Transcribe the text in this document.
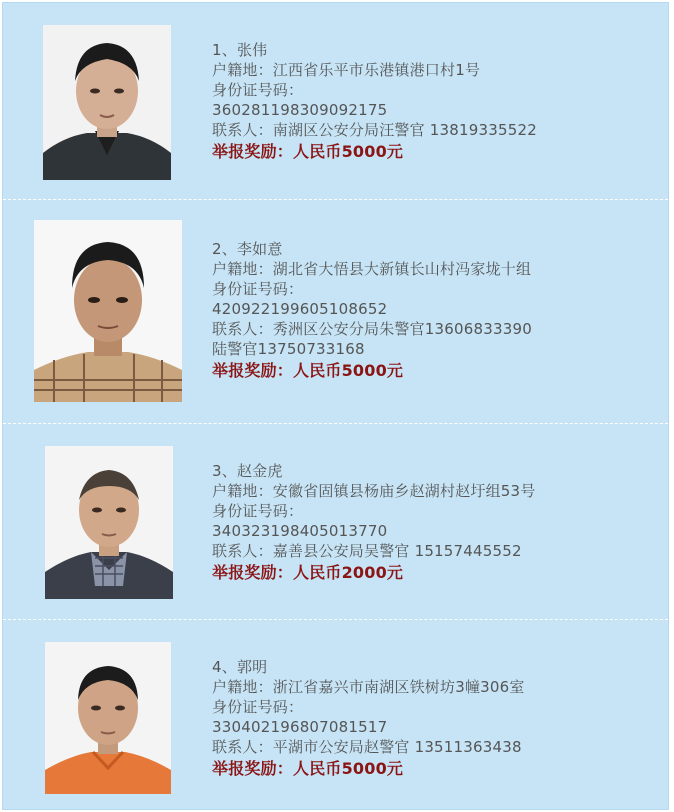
1、张伟
户籍地：江西省乐平市乐港镇港口村1号
身份证号码：
360281198309092175
联系人：南湖区公安分局汪警官 13819335522
举报奖励：人民币5000元
2、李如意
户籍地：湖北省大悟县大新镇长山村冯家垅十组
身份证号码：
420922199605108652
联系人：秀洲区公安分局朱警官13606833390
陆警官13750733168
举报奖励：人民币5000元
3、赵金虎
户籍地：安徽省固镇县杨庙乡赵湖村赵圩组53号
身份证号码：
340323198405013770
联系人：嘉善县公安局吴警官 15157445552
举报奖励：人民币2000元
4、郭明
户籍地：浙江省嘉兴市南湖区铁树坊3幢306室
身份证号码：
330402196807081517
联系人：平湖市公安局赵警官 13511363438
举报奖励：人民币5000元
